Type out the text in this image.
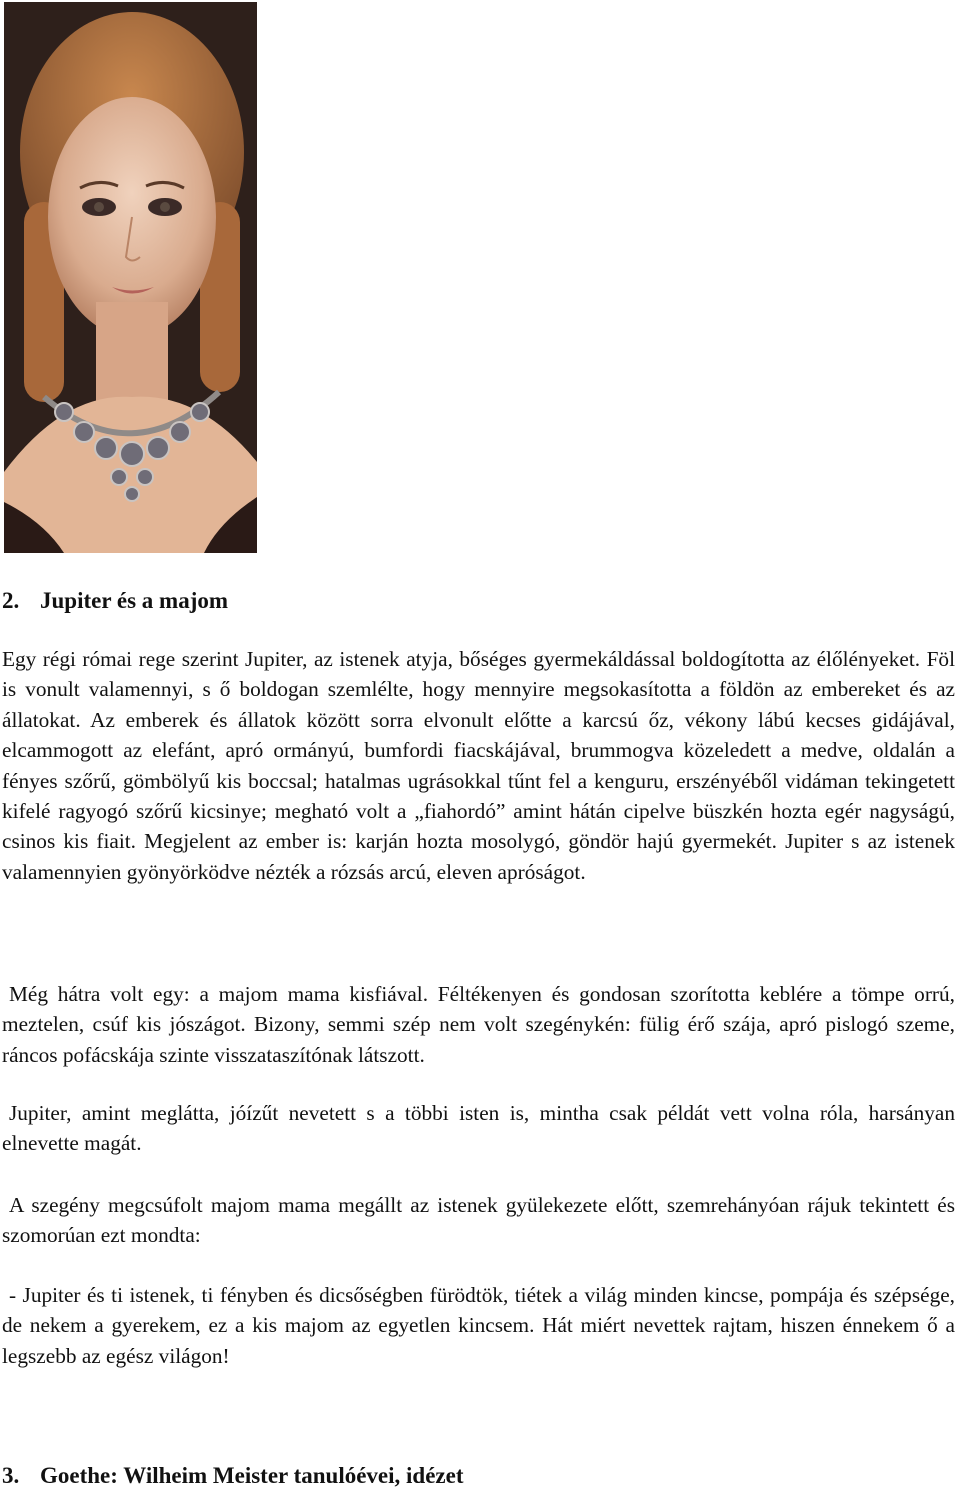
2. Jupiter és a majom

Egy régi római rege szerint Jupiter, az istenek atyja, bőséges gyermekáldással boldogította az élőlényeket. Föl is vonult valamennyi, s ő boldogan szemlélte, hogy mennyire megsokasította a földön az embereket és az állatokat. Az emberek és állatok között sorra elvonult előtte a karcsú őz, vékony lábú kecses gidájával, elcammogott az elefánt, apró ormányú, bumfordi fiacskájával, brummogva közeledett a medve, oldalán a fényes szőrű, gömbölyű kis boccsal; hatalmas ugrásokkal tűnt fel a kenguru, erszényéből vidáman tekingetett kifelé ragyogó szőrű kicsinye; megható volt a „fiahordó” amint hátán cipelve büszkén hozta egér nagyságú, csinos kis fiait. Megjelent az ember is: karján hozta mosolygó, göndör hajú gyermekét. Jupiter s az istenek valamennyien gyönyörködve nézték a rózsás arcú, eleven apróságot.

Még hátra volt egy: a majom mama kisfiával. Féltékenyen és gondosan szorította keblére a tömpe orrú, meztelen, csúf kis jószágot. Bizony, semmi szép nem volt szegénykén: fülig érő szája, apró pislogó szeme, ráncos pofácskája szinte visszataszítónak látszott.

Jupiter, amint meglátta, jóízűt nevetett s a többi isten is, mintha csak példát vett volna róla, harsányan elnevette magát.

A szegény megcsúfolt majom mama megállt az istenek gyülekezete előtt, szemrehányóan rájuk tekintett és szomorúan ezt mondta:

- Jupiter és ti istenek, ti fényben és dicsőségben fürödtök, tiétek a világ minden kincse, pompája és szépsége, de nekem a gyerekem, ez a kis majom az egyetlen kincsem. Hát miért nevettek rajtam, hiszen énnekem ő a legszebb az egész világon!

3. Goethe: Wilheim Meister tanulóévei, idézet
